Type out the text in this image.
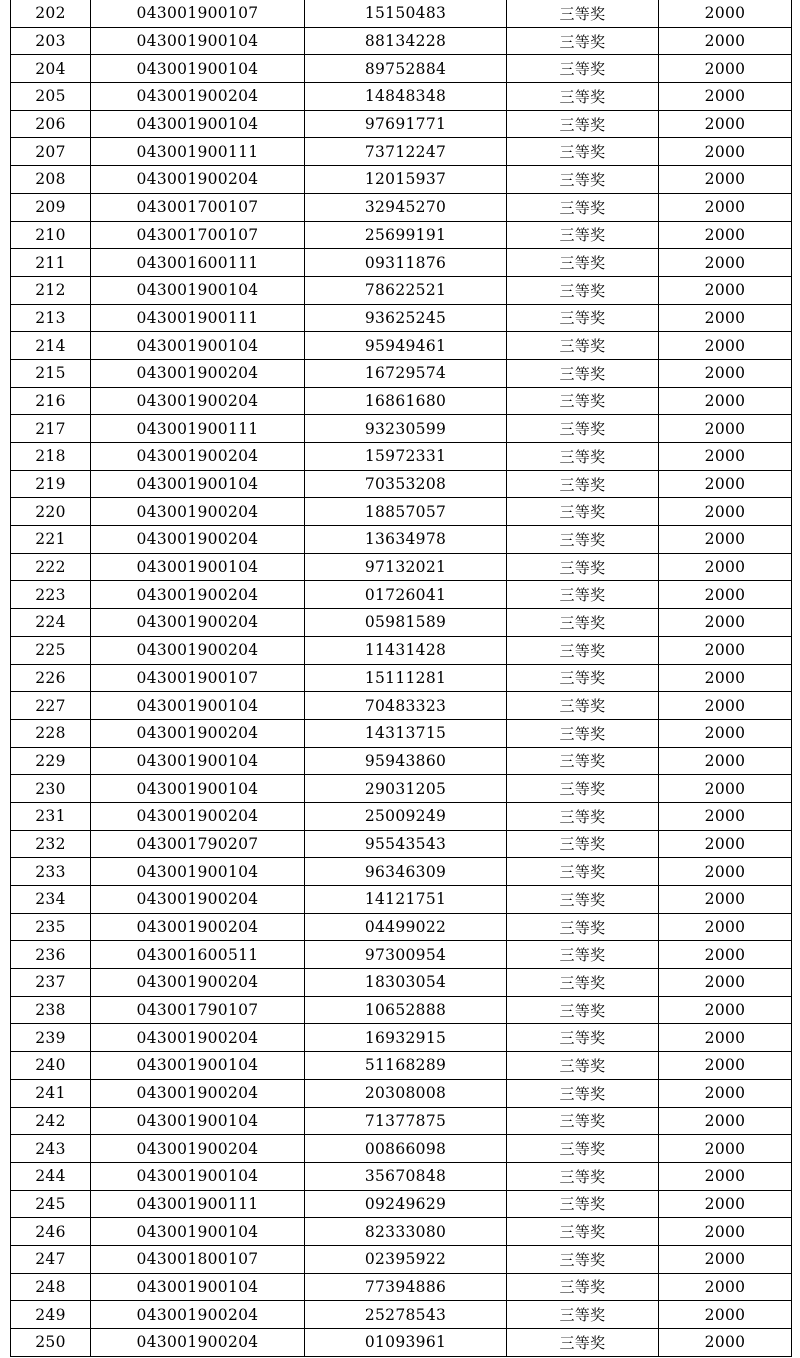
202	043001900107	15150483	三等奖	2000
203	043001900104	88134228	三等奖	2000
204	043001900104	89752884	三等奖	2000
205	043001900204	14848348	三等奖	2000
206	043001900104	97691771	三等奖	2000
207	043001900111	73712247	三等奖	2000
208	043001900204	12015937	三等奖	2000
209	043001700107	32945270	三等奖	2000
210	043001700107	25699191	三等奖	2000
211	043001600111	09311876	三等奖	2000
212	043001900104	78622521	三等奖	2000
213	043001900111	93625245	三等奖	2000
214	043001900104	95949461	三等奖	2000
215	043001900204	16729574	三等奖	2000
216	043001900204	16861680	三等奖	2000
217	043001900111	93230599	三等奖	2000
218	043001900204	15972331	三等奖	2000
219	043001900104	70353208	三等奖	2000
220	043001900204	18857057	三等奖	2000
221	043001900204	13634978	三等奖	2000
222	043001900104	97132021	三等奖	2000
223	043001900204	01726041	三等奖	2000
224	043001900204	05981589	三等奖	2000
225	043001900204	11431428	三等奖	2000
226	043001900107	15111281	三等奖	2000
227	043001900104	70483323	三等奖	2000
228	043001900204	14313715	三等奖	2000
229	043001900104	95943860	三等奖	2000
230	043001900104	29031205	三等奖	2000
231	043001900204	25009249	三等奖	2000
232	043001790207	95543543	三等奖	2000
233	043001900104	96346309	三等奖	2000
234	043001900204	14121751	三等奖	2000
235	043001900204	04499022	三等奖	2000
236	043001600511	97300954	三等奖	2000
237	043001900204	18303054	三等奖	2000
238	043001790107	10652888	三等奖	2000
239	043001900204	16932915	三等奖	2000
240	043001900104	51168289	三等奖	2000
241	043001900204	20308008	三等奖	2000
242	043001900104	71377875	三等奖	2000
243	043001900204	00866098	三等奖	2000
244	043001900104	35670848	三等奖	2000
245	043001900111	09249629	三等奖	2000
246	043001900104	82333080	三等奖	2000
247	043001800107	02395922	三等奖	2000
248	043001900104	77394886	三等奖	2000
249	043001900204	25278543	三等奖	2000
250	043001900204	01093961	三等奖	2000
